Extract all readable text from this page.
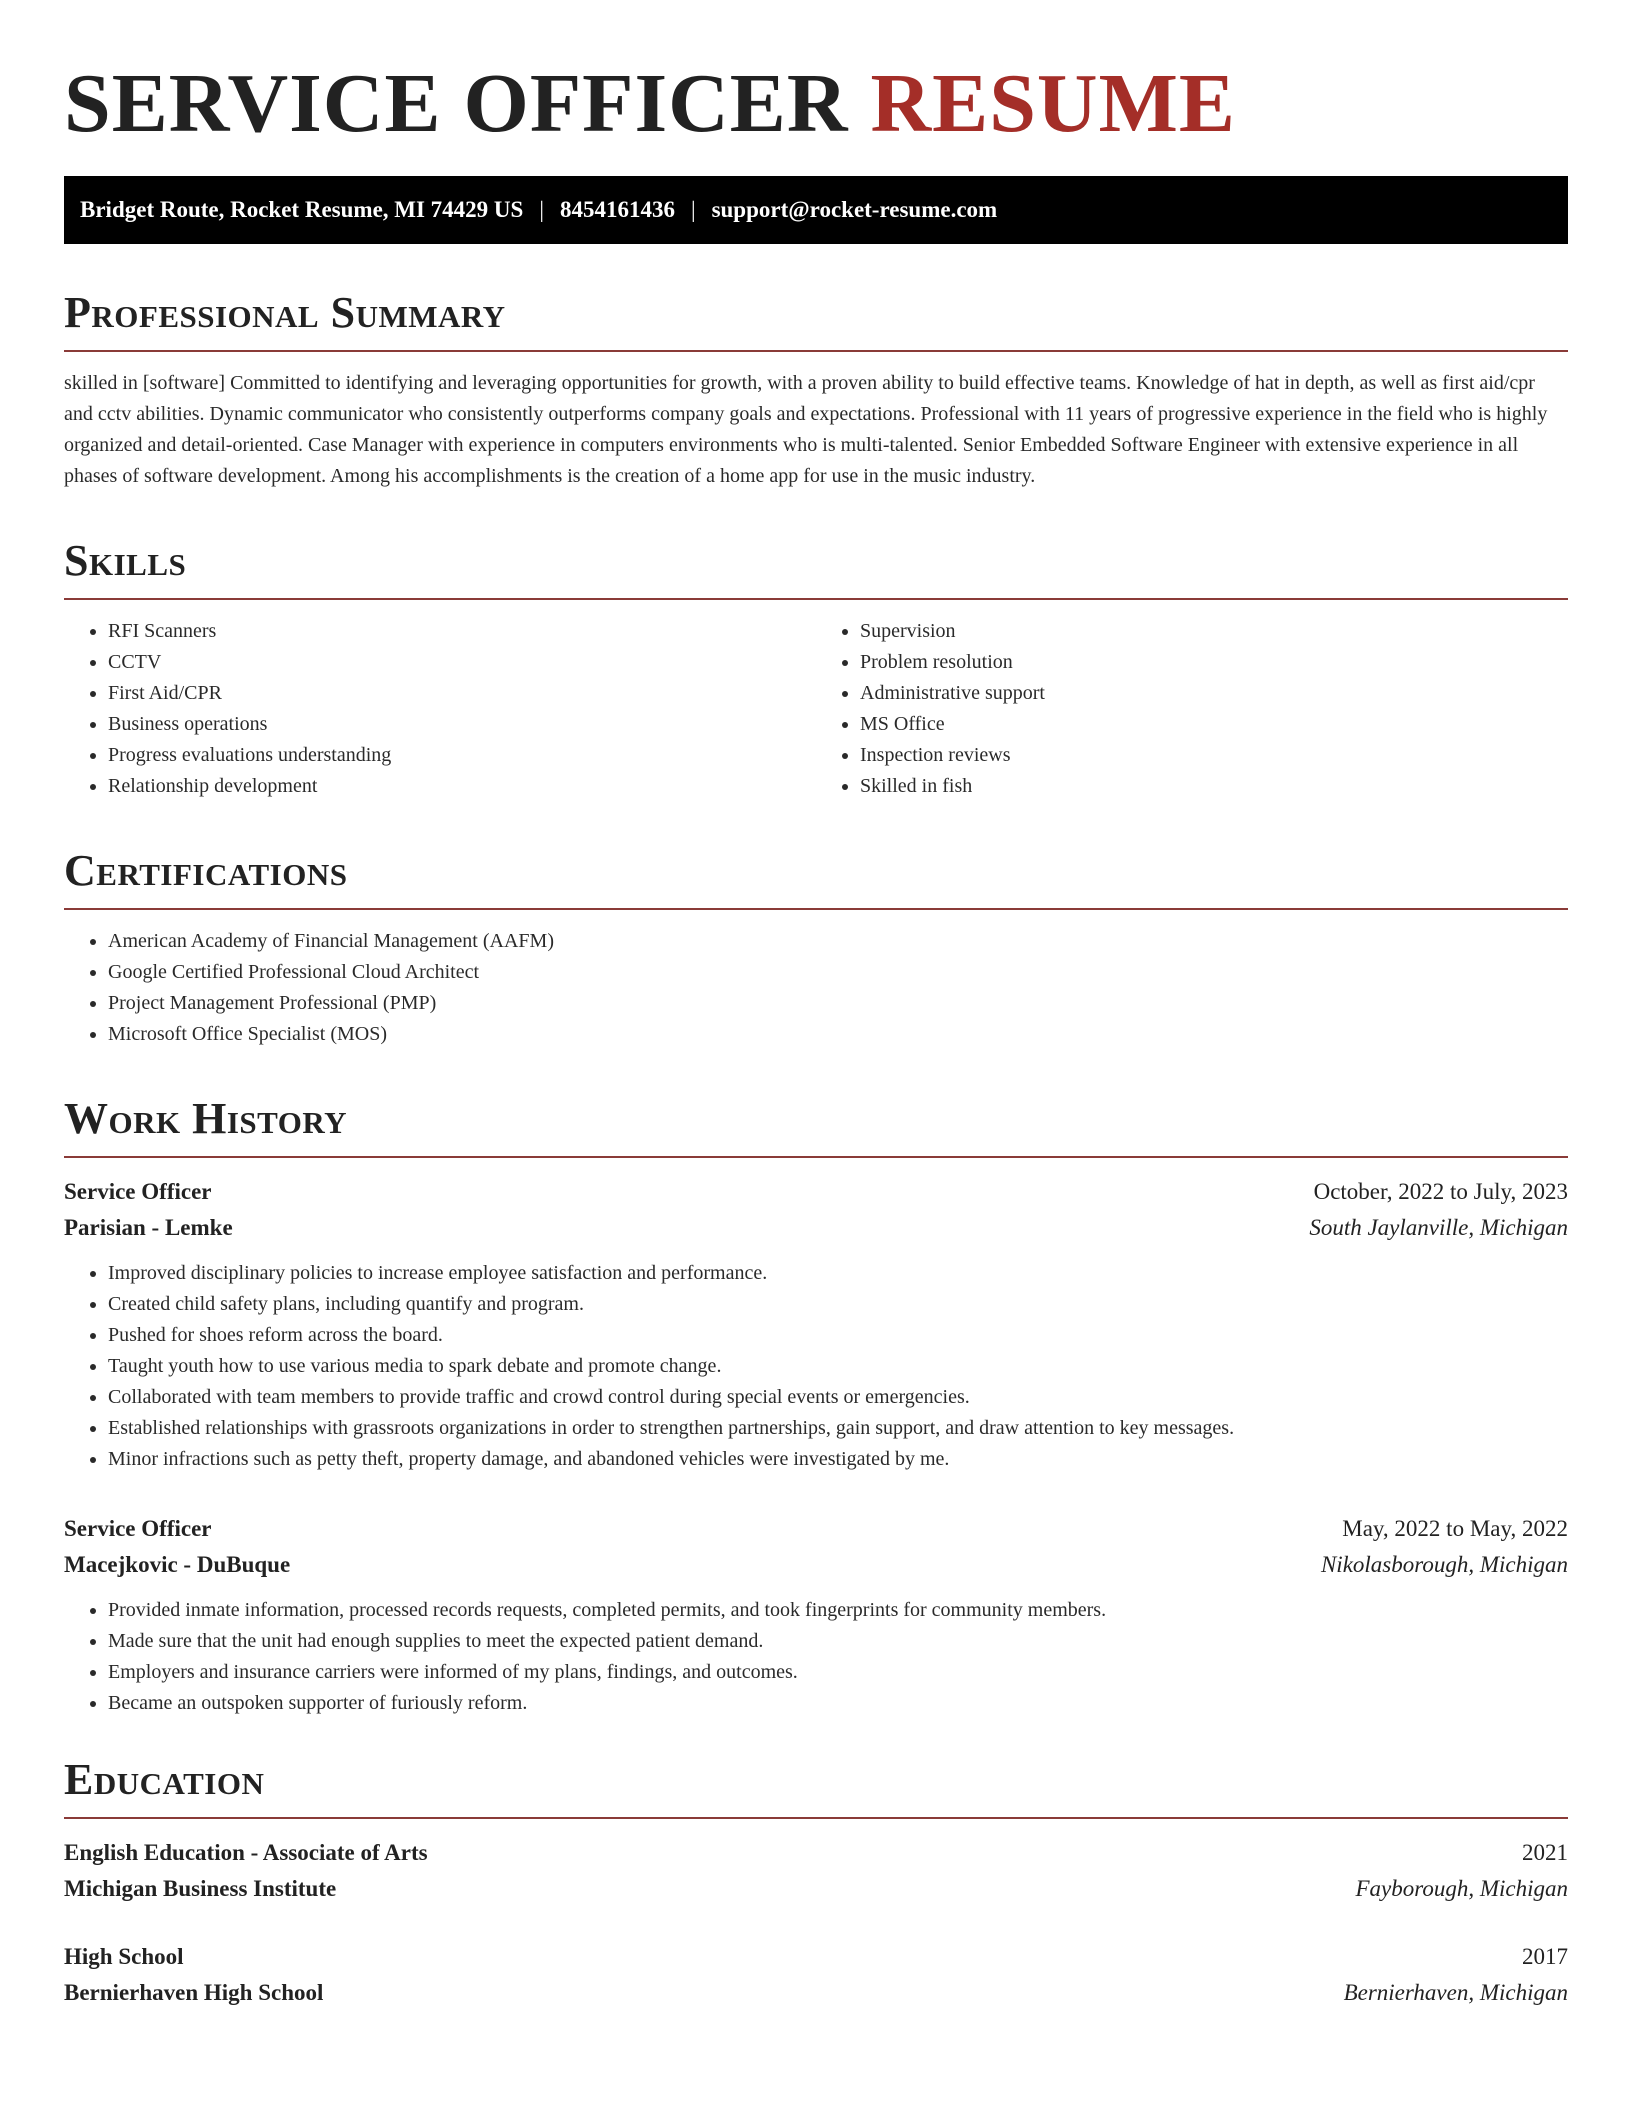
SERVICE OFFICER RESUME
Bridget Route, Rocket Resume, MI 74429 US | 8454161436 | support@rocket-resume.com
Professional Summary

skilled in [software] Committed to identifying and leveraging opportunities for growth, with a proven ability to build effective teams. Knowledge of hat in depth, as well as first aid/cpr and cctv abilities. Dynamic communicator who consistently outperforms company goals and expectations. Professional with 11 years of progressive experience in the field who is highly organized and detail-oriented. Case Manager with experience in computers environments who is multi-talented. Senior Embedded Software Engineer with extensive experience in all phases of software development. Among his accomplishments is the creation of a home app for use in the music industry.

Skills
• RFI Scanners
• CCTV
• First Aid/CPR
• Business operations
• Progress evaluations understanding
• Relationship development
• Supervision
• Problem resolution
• Administrative support
• MS Office
• Inspection reviews
• Skilled in fish
Certifications
• American Academy of Financial Management (AAFM)
• Google Certified Professional Cloud Architect
• Project Management Professional (PMP)
• Microsoft Office Specialist (MOS)
Work History
Service Officer	October, 2022 to July, 2023
Parisian - Lemke	South Jaylanville, Michigan
• Improved disciplinary policies to increase employee satisfaction and performance.
• Created child safety plans, including quantify and program.
• Pushed for shoes reform across the board.
• Taught youth how to use various media to spark debate and promote change.
• Collaborated with team members to provide traffic and crowd control during special events or emergencies.
• Established relationships with grassroots organizations in order to strengthen partnerships, gain support, and draw attention to key messages.
• Minor infractions such as petty theft, property damage, and abandoned vehicles were investigated by me.
Service Officer	May, 2022 to May, 2022
Macejkovic - DuBuque	Nikolasborough, Michigan
• Provided inmate information, processed records requests, completed permits, and took fingerprints for community members.
• Made sure that the unit had enough supplies to meet the expected patient demand.
• Employers and insurance carriers were informed of my plans, findings, and outcomes.
• Became an outspoken supporter of furiously reform.
Education
English Education - Associate of Arts	2021
Michigan Business Institute	Fayborough, Michigan
High School	2017
Bernierhaven High School	Bernierhaven, Michigan
